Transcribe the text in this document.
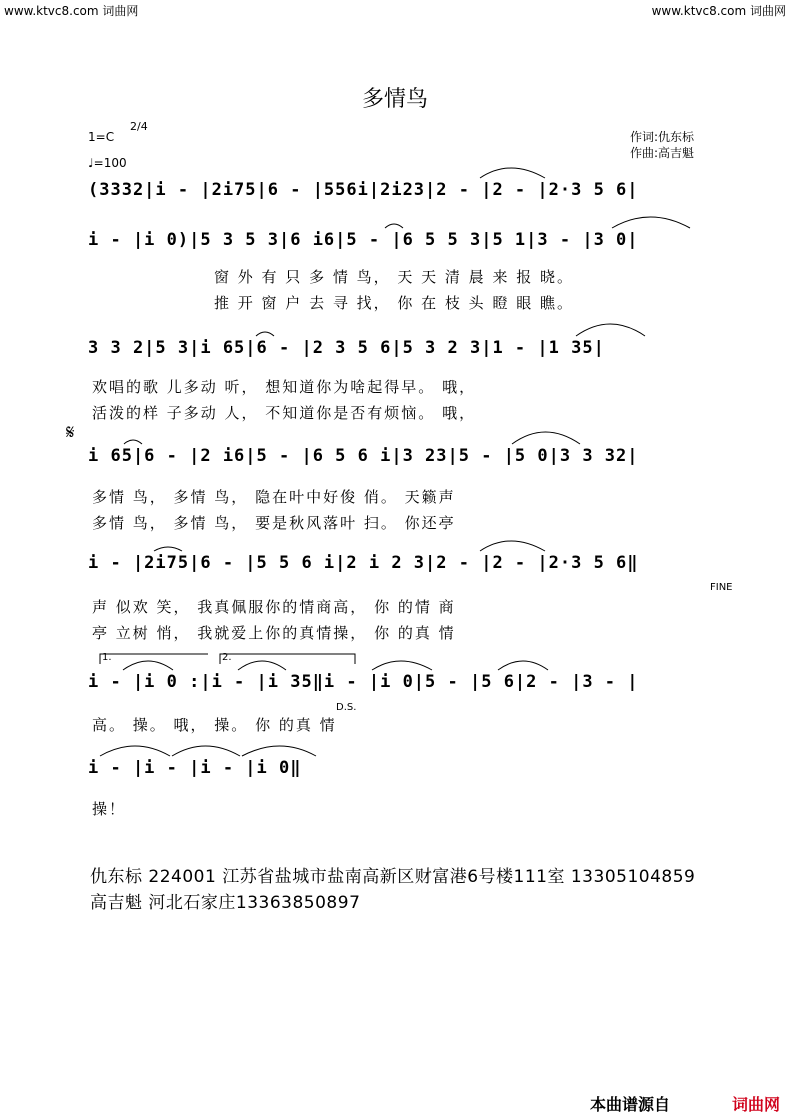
www.ktvc8.com 词曲网	www.ktvc8.com 词曲网
多情鸟
1=C
2/4
♩=100
作词:仇东标
作曲:高吉魁
(3332|i - |2i75|6 - |556i|2i23|2 - |2 - |2·3 5 6|
i - |i 0)|5 3 5 3|6 i6|5 - |6 5 5 3|5 1|3 - |3 0|
窗 外 有 只 多 情 鸟， 天 天 清 晨 来 报 晓。
推 开 窗 户 去 寻 找， 你 在 枝 头 瞪 眼 瞧。
3 3 2|5 3|i 65|6 - |2 3 5 6|5 3 2 3|1 - |1 35|
欢唱的歌 儿多动 听， 想知道你为啥起得早。 哦，
活泼的样 子多动 人， 不知道你是否有烦恼。 哦，
𝄋
i 65|6 - |2 i6|5 - |6 5 6 i|3 23|5 - |5 0|3 3 32|
多情 鸟， 多情 鸟， 隐在叶中好俊 俏。 天籁声
多情 鸟， 多情 鸟， 要是秋风落叶 扫。 你还亭
i - |2i75|6 - |5 5 6 i|2 i 2 3|2 - |2 - |2·3 5 6‖
FINE
声 似欢 笑， 我真佩服你的情商高， 你 的情 商
亭 立树 悄， 我就爱上你的真情操， 你 的真 情
1.	2.
i - |i 0 :|i - |i 35‖i - |i 0|5 - |5 6|2 - |3 - |
D.S.
高。 操。 哦， 操。 你 的真 情
i - |i - |i - |i 0‖
操！
仇东标 224001 江苏省盐城市盐南高新区财富港6号楼111室 13305104859
高吉魁 河北石家庄13363850897
本曲谱源自	词曲网
